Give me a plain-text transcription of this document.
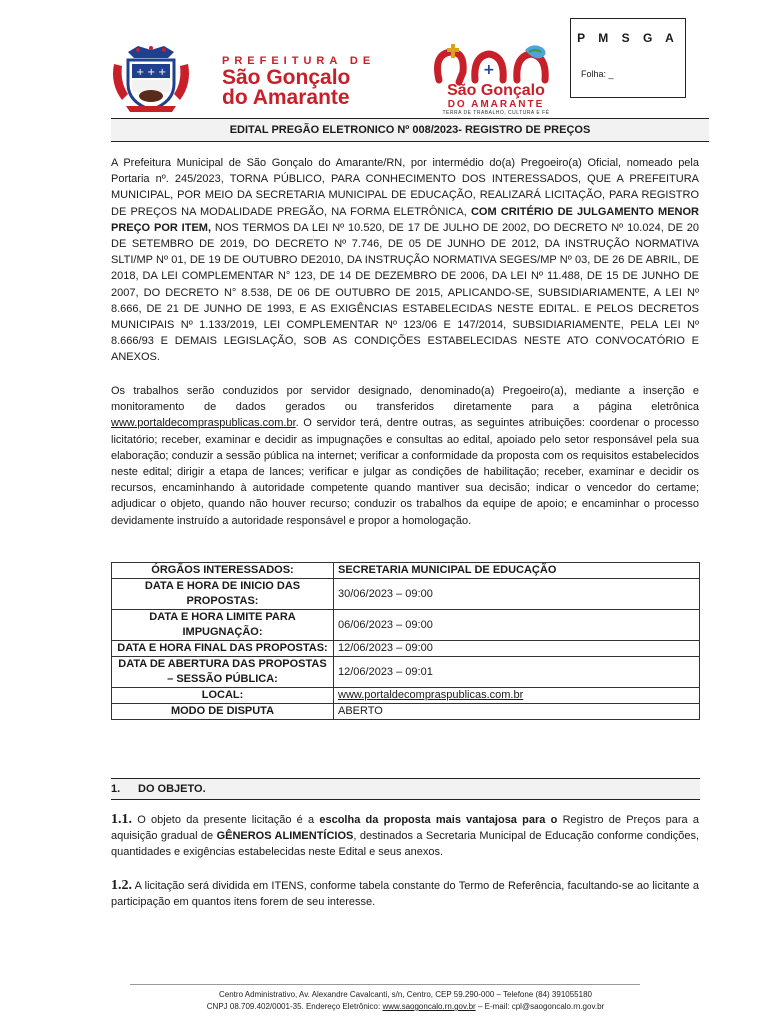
+ + +
PREFEITURA DE
São Gonçalo
do Amarante
+
São Gonçalo
DO AMARANTE
TERRA DE TRABALHO, CULTURA E FÉ
P M S G A
Folha: _
EDITAL PREGÃO ELETRONICO Nº 008/2023- REGISTRO DE PREÇOS
A Prefeitura Municipal de São Gonçalo do Amarante/RN, por intermédio do(a) Pregoeiro(a) Oficial, nomeado pela Portaria nº. 245/2023, TORNA PÚBLICO, PARA CONHECIMENTO DOS INTERESSADOS, QUE A PREFEITURA MUNICIPAL, POR MEIO DA SECRETARIA MUNICIPAL DE EDUCAÇÃO, REALIZARÁ LICITAÇÃO, PARA REGISTRO DE PREÇOS NA MODALIDADE PREGÃO, NA FORMA ELETRÔNICA, COM CRITÉRIO DE JULGAMENTO MENOR PREÇO POR ITEM, NOS TERMOS DA LEI Nº 10.520, DE 17 DE JULHO DE 2002, DO DECRETO Nº 10.024, DE 20 DE SETEMBRO DE 2019, DO DECRETO Nº 7.746, DE 05 DE JUNHO DE 2012, DA INSTRUÇÃO NORMATIVA SLTI/MP Nº 01, DE 19 DE OUTUBRO DE2010, DA INSTRUÇÃO NORMATIVA SEGES/MP Nº 03, DE 26 DE ABRIL, DE 2018, DA LEI COMPLEMENTAR N° 123, DE 14 DE DEZEMBRO DE 2006, DA LEI Nº 11.488, DE 15 DE JUNHO DE 2007, DO DECRETO N° 8.538, DE 06 DE OUTUBRO DE 2015, APLICANDO-SE, SUBSIDIARIAMENTE, A LEI Nº 8.666, DE 21 DE JUNHO DE 1993, E AS EXIGÊNCIAS ESTABELECIDAS NESTE EDITAL. E PELOS DECRETOS MUNICIPAIS Nº 1.133/2019, LEI COMPLEMENTAR Nº 123/06 E 147/2014, SUBSIDIARIAMENTE, PELA LEI Nº 8.666/93 E DEMAIS LEGISLAÇÃO, SOB AS CONDIÇÕES ESTABELECIDAS NESTE ATO CONVOCATÓRIO E ANEXOS.
Os trabalhos serão conduzidos por servidor designado, denominado(a) Pregoeiro(a), mediante a inserção e monitoramento de dados gerados ou transferidos diretamente para a página eletrônica www.portaldecompraspublicas.com.br. O servidor terá, dentre outras, as seguintes atribuições: coordenar o processo licitatório; receber, examinar e decidir as impugnações e consultas ao edital, apoiado pelo setor responsável pela sua elaboração; conduzir a sessão pública na internet; verificar a conformidade da proposta com os requisitos estabelecidos neste edital; dirigir a etapa de lances; verificar e julgar as condições de habilitação; receber, examinar e decidir os recursos, encaminhando à autoridade competente quando mantiver sua decisão; indicar o vencedor do certame; adjudicar o objeto, quando não houver recurso; conduzir os trabalhos da equipe de apoio; e encaminhar o processo devidamente instruído a autoridade responsável e propor a homologação.
ÓRGÃOS INTERESSADOS:	SECRETARIA MUNICIPAL DE EDUCAÇÃO
DATA E HORA DE INICIO DAS PROPOSTAS:	30/06/2023 – 09:00
DATA E HORA LIMITE PARA IMPUGNAÇÃO:	06/06/2023 – 09:00
DATA E HORA FINAL DAS PROPOSTAS:	12/06/2023 – 09:00
DATA DE ABERTURA DAS PROPOSTAS – SESSÃO PÚBLICA:	12/06/2023 – 09:01
LOCAL:	www.portaldecompraspublicas.com.br
MODO DE DISPUTA	ABERTO
1. DO OBJETO.
1.1. O objeto da presente licitação é a escolha da proposta mais vantajosa para o Registro de Preços para a aquisição gradual de GÊNEROS ALIMENTÍCIOS, destinados a Secretaria Municipal de Educação conforme condições, quantidades e exigências estabelecidas neste Edital e seus anexos.
1.2. A licitação será dividida em ITENS, conforme tabela constante do Termo de Referência, facultando-se ao licitante a participação em quantos itens forem de seu interesse.
Centro Administrativo, Av. Alexandre Cavalcanti, s/n, Centro, CEP 59.290-000 – Telefone (84) 391055180
CNPJ 08.709.402/0001-35. Endereço Eletrônico: www.saogoncalo.rn.gov.br – E-mail: cpl@saogoncalo.rn.gov.br
